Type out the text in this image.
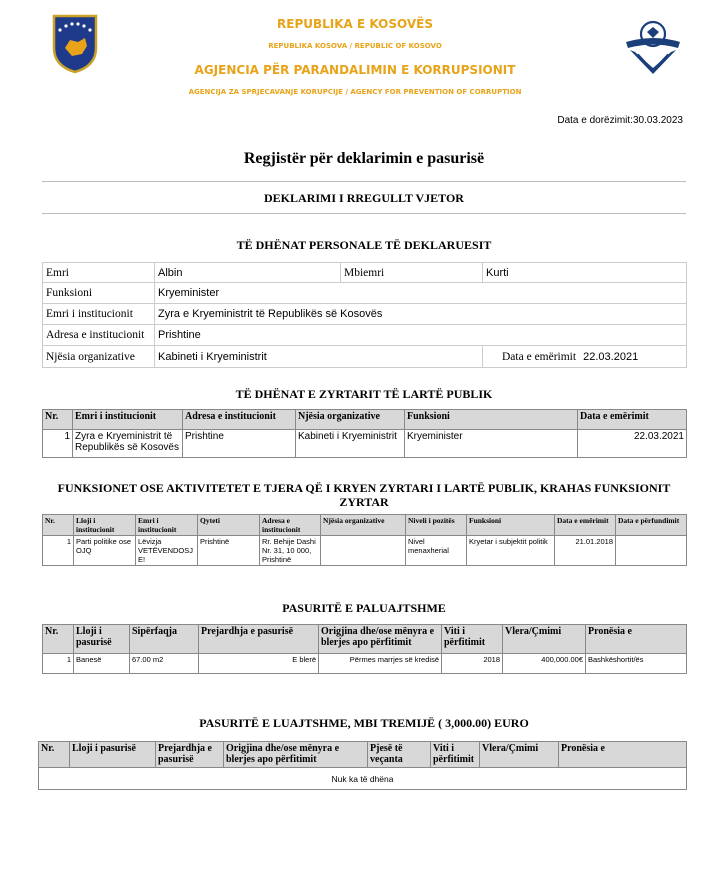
REPUBLIKA E KOSOVËS
REPUBLIKA KOSOVA / REPUBLIC OF KOSOVO
AGJENCIA PËR PARANDALIMIN E KORRUPSIONIT
AGENCIJA ZA SPRJECAVANJE KORUPCIJE / AGENCY FOR PREVENTION OF CORRUPTION
Data e dorëzimit:30.03.2023
Regjistër për deklarimin e pasurisë
DEKLARIMI I RREGULLT VJETOR
TË DHËNAT PERSONALE TË DEKLARUESIT
Emri	Albin	Mbiemri	Kurti
Funksioni	Kryeminister		
Emri i institucionit	Zyra e Kryeministrit të Republikës së Kosovës		
Adresa e institucionit	Prishtine		
Njësia organizative	Kabineti i Kryeministrit		Data e emërimit 22.03.2021
TË DHËNAT E ZYRTARIT TË LARTË PUBLIK
Nr.	Emri i institucionit	Adresa e institucionit	Njësia organizative	Funksioni	Data e emërimit
1	Zyra e Kryeministrit të Republikës së Kosovës	Prishtine	Kabineti i Kryeministrit	Kryeminister	22.03.2021
FUNKSIONET OSE AKTIVITETET E TJERA QË I KRYEN ZYRTARI I LARTË PUBLIK, KRAHAS FUNKSIONIT ZYRTAR
Nr.	Lloji i institucionit	Emri i institucionit	Qyteti	Adresa e institucionit	Njësia organizative	Niveli i pozitës	Funksioni	Data e emërimit	Data e përfundimit
1	Parti politike ose OJQ	Lëvizja VETËVENDOSJ E!	Prishtinë	Rr. Behije Dashi Nr. 31, 10 000, Prishtinë		Nivel menaxherial	Kryetar i subjektit politik	21.01.2018	
PASURITË E PALUAJTSHME
Nr.	Lloji i pasurisë	Sipërfaqja	Prejardhja e pasurisë	Origjina dhe/ose mënyra e blerjes apo përfitimit	Viti i përfitimit	Vlera/Çmimi	Pronësia e
1	Banesë	67.00 m2	E blerë	Përmes marrjes së kredisë	2018	400,000.00€	Bashkëshortit/ës
PASURITË E LUAJTSHME, MBI TREMIJË ( 3,000.00) EURO
Nr.	Lloji i pasurisë	Prejardhja e pasurisë	Origjina dhe/ose mënyra e blerjes apo përfitimit	Pjesë të veçanta	Viti i përfitimit	Vlera/Çmimi	Pronësia e
Nuk ka të dhëna
